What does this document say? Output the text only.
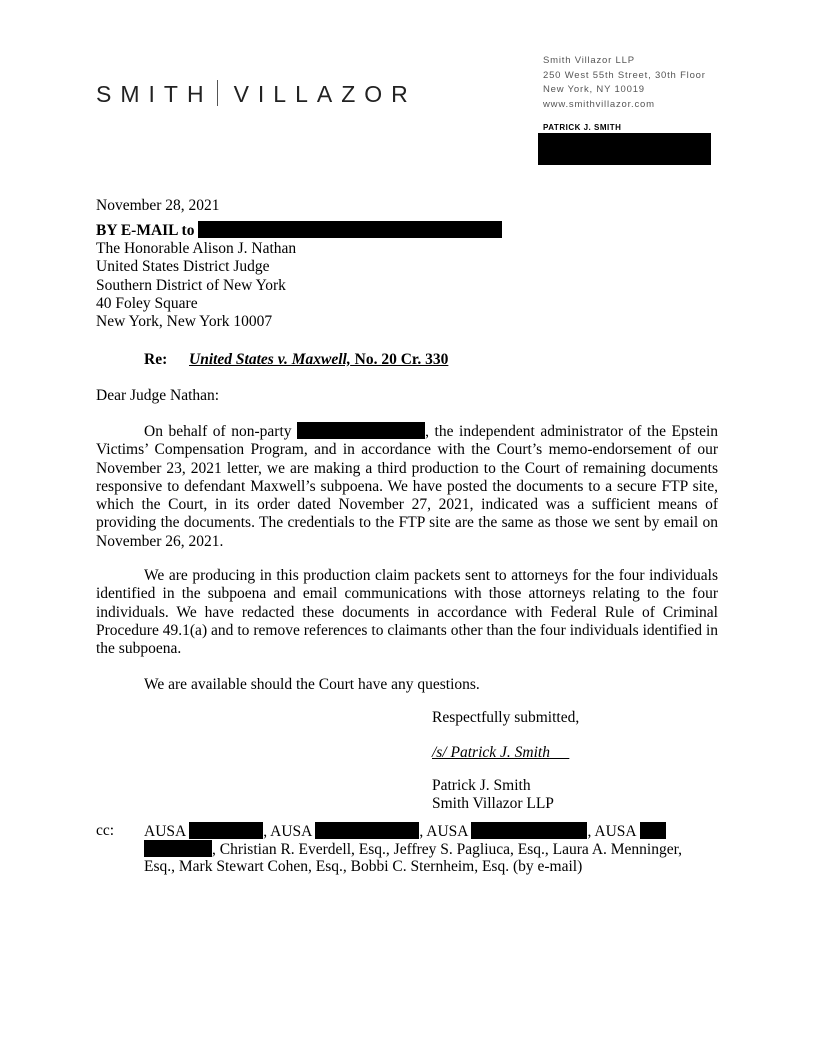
SMITH VILLAZOR
Smith Villazor LLP
250 West 55th Street, 30th Floor
New York, NY 10019
www.smithvillazor.com
PATRICK J. SMITH
November 28, 2021
BY E-MAIL to
The Honorable Alison J. Nathan
United States District Judge
Southern District of New York
40 Foley Square
New York, New York 10007
Re: United States v. Maxwell, No. 20 Cr. 330
Dear Judge Nathan:
On behalf of non-party	, the independent administrator of the Epstein Victims’ Compensation Program, and in accordance with the Court’s memo-endorsement of our November 23, 2021 letter, we are making a third production to the Court of remaining documents responsive to defendant Maxwell’s subpoena. We have posted the documents to a secure FTP site, which the Court, in its order dated November 27, 2021, indicated was a sufficient means of providing the documents. The credentials to the FTP site are the same as those we sent by email on November 26, 2021.
We are producing in this production claim packets sent to attorneys for the four individuals identified in the subpoena and email communications with those attorneys relating to the four individuals. We have redacted these documents in accordance with Federal Rule of Criminal Procedure 49.1(a) and to remove references to claimants other than the four individuals identified in the subpoena.
We are available should the Court have any questions.
Respectfully submitted,
/s/ Patrick J. Smith
Patrick J. Smith
Smith Villazor LLP
cc: AUSA	, AUSA	, AUSA	, AUSA
, Christian R. Everdell, Esq., Jeffrey S. Pagliuca, Esq., Laura A. Menninger,
Esq., Mark Stewart Cohen, Esq., Bobbi C. Sternheim, Esq. (by e-mail)
